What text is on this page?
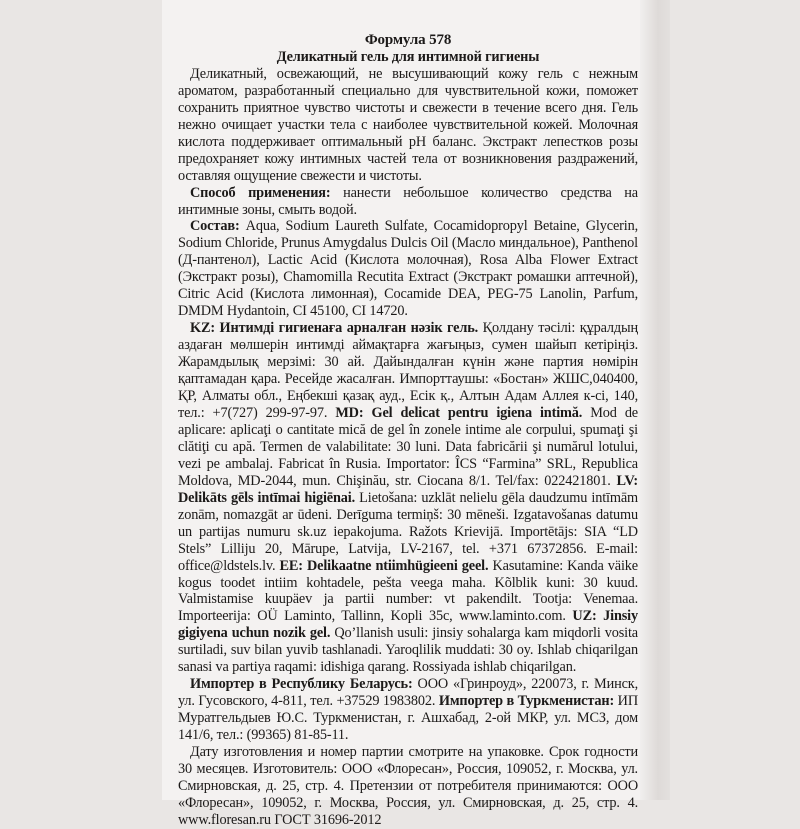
Формула 578

Деликатный гель для интимной гигиены

Деликатный, освежающий, не высушивающий кожу гель с нежным ароматом, разработанный специально для чувствительной кожи, поможет сохранить приятное чувство чистоты и свежести в течение всего дня. Гель нежно очищает участки тела с наиболее чувствительной кожей. Молочная кислота поддерживает оптимальный pH баланс. Экстракт лепестков розы предохраняет кожу интимных частей тела от возникновения раздражений, оставляя ощущение свежести и чистоты.

Способ применения: нанести небольшое количество средства на интимные зоны, смыть водой.

Состав: Aqua, Sodium Laureth Sulfate, Cocamidopropyl Betaine, Glycerin, Sodium Chloride, Prunus Amygdalus Dulcis Oil (Масло миндальное), Panthenol (Д-пантенол), Lactic Acid (Кислота молочная), Rosa Alba Flower Extract (Экстракт розы), Chamomilla Recutita Extract (Экстракт ромашки аптечной), Citric Acid (Кислота лимонная), Cocamide DEA, PEG-75 Lanolin, Parfum, DMDM Hydantoin, CI 45100, CI 14720.

KZ: Интимді гигиенаға арналған нәзік гель. Қолдану тәсілі: құралдың аздаған мөлшерін интимді аймақтарға жағыңыз, сумен шайып кетіріңіз. Жарамдылық мерзімі: 30 ай. Дайындалған күнін және партия нөмірін қаптамадан қара. Ресейде жасалған. Импорттаушы: «Бостан» ЖШС,040400, ҚР, Алматы обл., Еңбекші қазақ ауд., Есік қ., Алтын Адам Аллея к-сі, 140, тел.: +7(727) 299-97-97. MD: Gel delicat pentru igiena intimă. Mod de aplicare: aplicaţi o cantitate mică de gel în zonele intime ale corpului, spumaţi şi clătiţi cu apă. Termen de valabilitate: 30 luni. Data fabricării şi numărul lotului, vezi pe ambalaj. Fabricat în Rusia. Importator: ÎCS “Farmina” SRL, Republica Moldova, MD-2044, mun. Chişinău, str. Ciocana 8/1. Tel/fax: 022421801. LV: Delikāts gēls intīmai higiēnai. Lietošana: uzklāt nelielu gēla daudzumu intīmām zonām, nomazgāt ar ūdeni. Derīguma termiņš: 30 mēneši. Izgatavošanas datumu un partijas numuru sk.uz iepakojuma. Ražots Krievijā. Importētājs: SIA “LD Stels” Lilliju 20, Mārupe, Latvija, LV-2167, tel. +371 67372856. E-mail: office@ldstels.lv. EE: Delikaatne ntiimhügieeni geel. Kasutamine: Kanda väike kogus toodet intiim kohtadele, pešta veega maha. Kõlblik kuni: 30 kuud. Valmistamise kuupäev ja partii number: vt pakendilt. Tootja: Venemaa. Importeerija: OÜ Laminto, Tallinn, Kopli 35c, www.laminto.com. UZ: Jinsiy gigiyena uchun nozik gel. Qo’llanish usuli: jinsiy sohalarga kam miqdorli vosita surtiladi, suv bilan yuvib tashlanadi. Yaroqlilik muddati: 30 oy. Ishlab chiqarilgan sanasi va partiya raqami: idishiga qarang. Rossiyada ishlab chiqarilgan.

Импортер в Республику Беларусь: ООО «Гринроуд», 220073, г. Минск, ул. Гусовского, 4-811, тел. +37529 1983802. Импортер в Туркменистан: ИП Муратгельдыев Ю.С. Туркменистан, г. Ашхабад, 2-ой МКР, ул. МСЗ, дом 141/6, тел.: (99365) 81-85-11.

Дату изготовления и номер партии смотрите на упаковке. Срок годности 30 месяцев. Изготовитель: ООО «Флоресан», Россия, 109052, г. Москва, ул. Смирновская, д. 25, стр. 4. Претензии от потребителя принимаются: ООО «Флоресан», 109052, г. Москва, Россия, ул. Смирновская, д. 25, стр. 4. www.floresan.ru ГОСТ 31696-2012
